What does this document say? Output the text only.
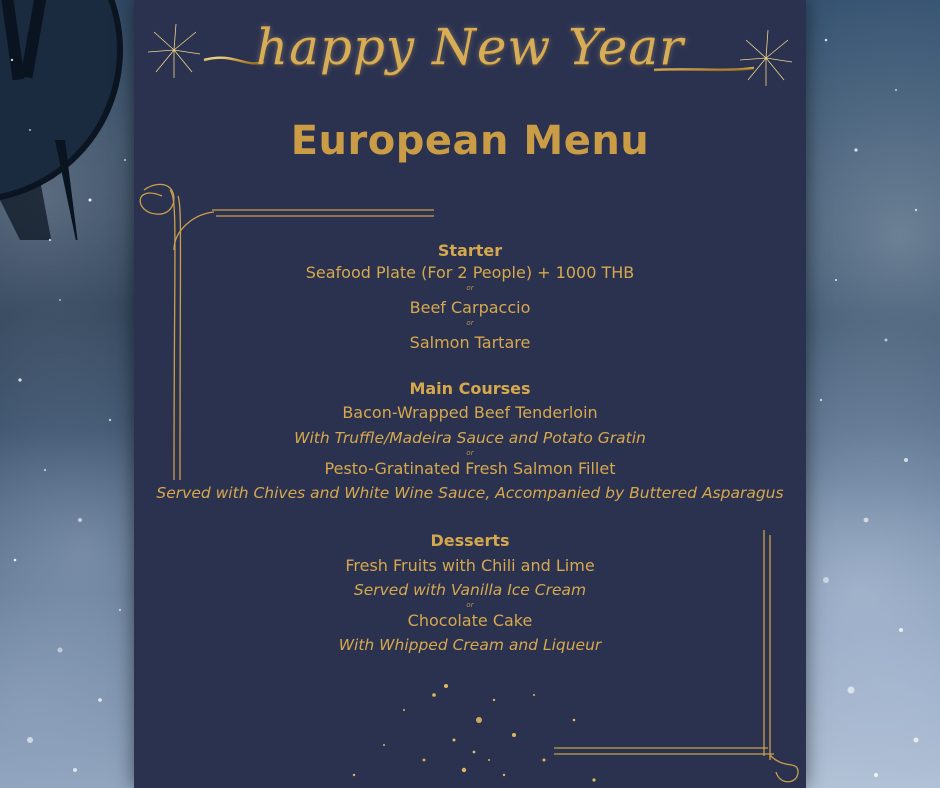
happy New Year
European Menu
Starter
Seafood Plate (For 2 People) + 1000 THB
or
Beef Carpaccio
or
Salmon Tartare
Main Courses
Bacon-Wrapped Beef Tenderloin
With Truffle/Madeira Sauce and Potato Gratin
or
Pesto-Gratinated Fresh Salmon Fillet
Served with Chives and White Wine Sauce, Accompanied by Buttered Asparagus
Desserts
Fresh Fruits with Chili and Lime
Served with Vanilla Ice Cream
or
Chocolate Cake
With Whipped Cream and Liqueur
